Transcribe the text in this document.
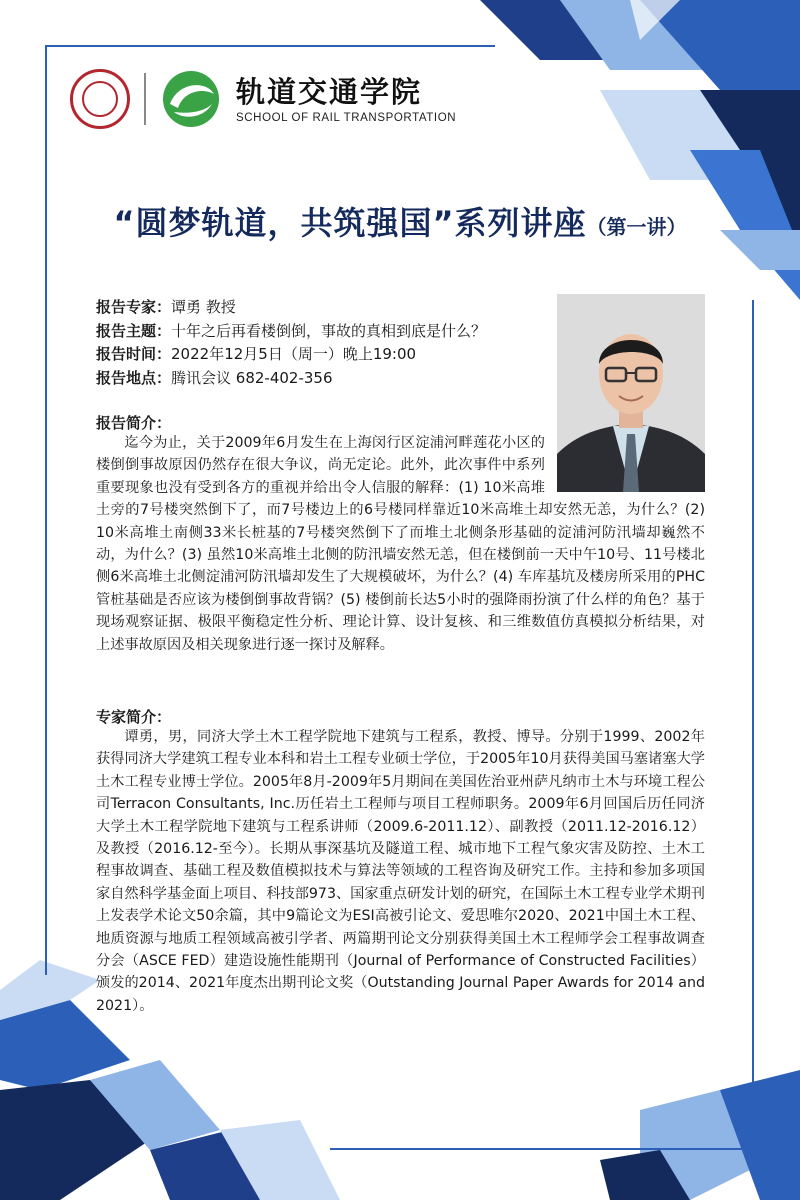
轨道交通学院
SCHOOL OF RAIL TRANSPORTATION
“圆梦轨道，共筑强国”系列讲座（第一讲）
报告专家：谭勇 教授
报告主题：十年之后再看楼倒倒，事故的真相到底是什么？
报告时间：2022年12月5日（周一）晚上19:00
报告地点：腾讯会议 682-402-356
报告简介：
迄今为止，关于2009年6月发生在上海闵行区淀浦河畔莲花小区的楼倒倒事故原因仍然存在很大争议，尚无定论。此外，此次事件中系列重要现象也没有受到各方的重视并给出令人信服的解释：(1) 10米高堆土旁的7号楼突然倒下了，而7号楼边上的6号楼同样靠近10米高堆土却安然无恙，为什么？(2) 10米高堆土南侧33米长桩基的7号楼突然倒下了而堆土北侧条形基础的淀浦河防汛墙却巍然不动，为什么？(3) 虽然10米高堆土北侧的防汛墙安然无恙，但在楼倒前一天中午10号、11号楼北侧6米高堆土北侧淀浦河防汛墙却发生了大规模破坏，为什么？(4) 车库基坑及楼房所采用的PHC管桩基础是否应该为楼倒倒事故背锅？(5) 楼倒前长达5小时的强降雨扮演了什么样的角色？基于现场观察证据、极限平衡稳定性分析、理论计算、设计复核、和三维数值仿真模拟分析结果，对上述事故原因及相关现象进行逐一探讨及解释。
专家简介：
谭勇，男，同济大学土木工程学院地下建筑与工程系，教授、博导。分别于1999、2002年获得同济大学建筑工程专业本科和岩土工程专业硕士学位，于2005年10月获得美国马塞诸塞大学土木工程专业博士学位。2005年8月-2009年5月期间在美国佐治亚州萨凡纳市土木与环境工程公司Terracon Consultants, Inc.历任岩土工程师与项目工程师职务。2009年6月回国后历任同济大学土木工程学院地下建筑与工程系讲师（2009.6-2011.12）、副教授（2011.12-2016.12）及教授（2016.12-至今）。长期从事深基坑及隧道工程、城市地下工程气象灾害及防控、土木工程事故调查、基础工程及数值模拟技术与算法等领域的工程咨询及研究工作。主持和参加多项国家自然科学基金面上项目、科技部973、国家重点研发计划的研究，在国际土木工程专业学术期刊上发表学术论文50余篇，其中9篇论文为ESI高被引论文、爱思唯尔2020、2021中国土木工程、地质资源与地质工程领域高被引学者、两篇期刊论文分别获得美国土木工程师学会工程事故调查分会（ASCE FED）建造设施性能期刊（Journal of Performance of Constructed Facilities）颁发的2014、2021年度杰出期刊论文奖（Outstanding Journal Paper Awards for 2014 and 2021）。
